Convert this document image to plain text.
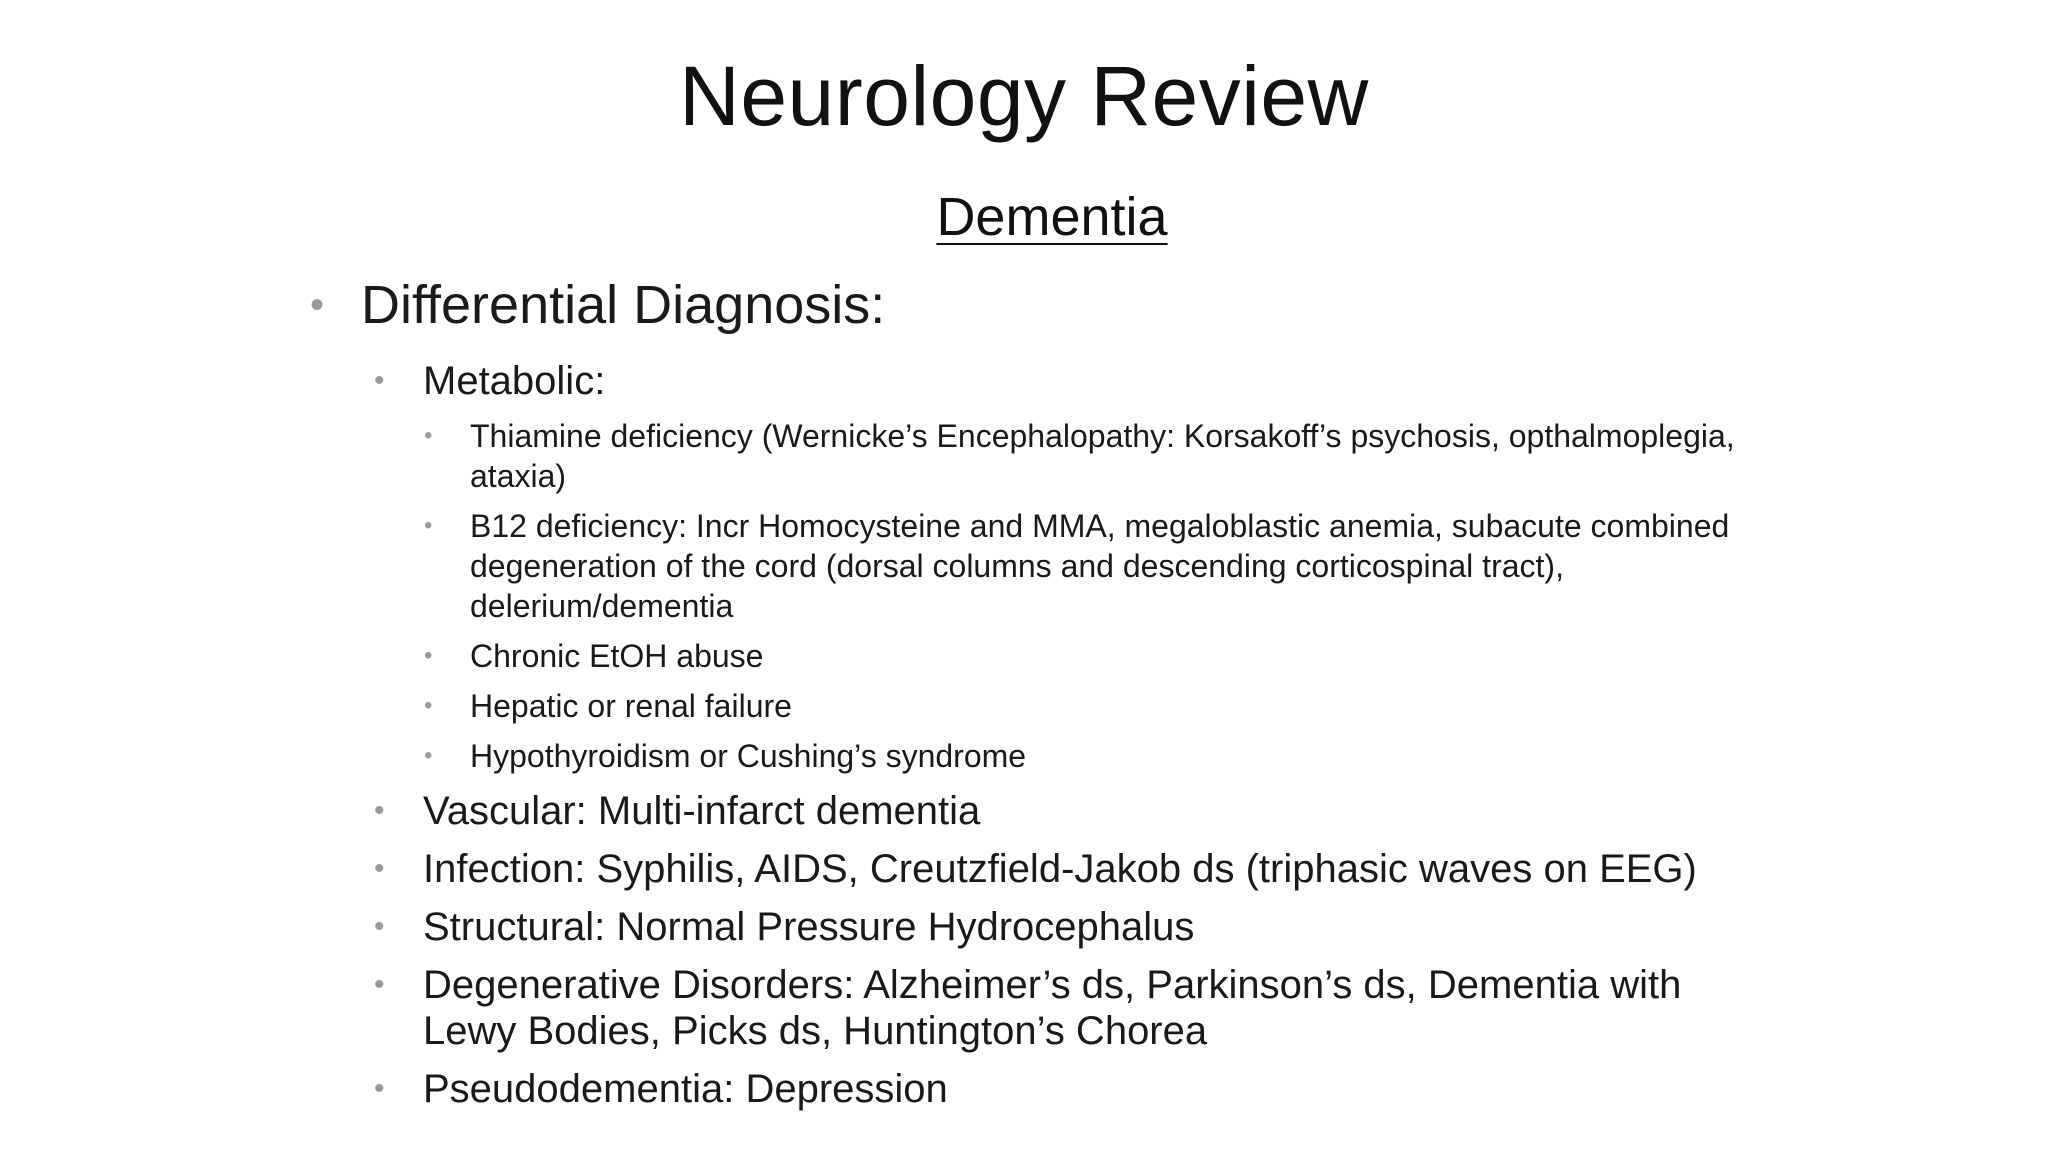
Neurology Review
Dementia
• Differential Diagnosis:
• Metabolic:
• Thiamine deficiency (Wernicke’s Encephalopathy: Korsakoff’s psychosis, opthalmoplegia, ataxia)
• B12 deficiency: Incr Homocysteine and MMA, megaloblastic anemia, subacute combined degeneration of the cord (dorsal columns and descending corticospinal tract), delerium/dementia
• Chronic EtOH abuse
• Hepatic or renal failure
• Hypothyroidism or Cushing’s syndrome
• Vascular: Multi-infarct dementia
• Infection: Syphilis, AIDS, Creutzfield-Jakob ds (triphasic waves on EEG)
• Structural: Normal Pressure Hydrocephalus
• Degenerative Disorders: Alzheimer’s ds, Parkinson’s ds, Dementia with Lewy Bodies, Picks ds, Huntington’s Chorea
• Pseudodementia: Depression
